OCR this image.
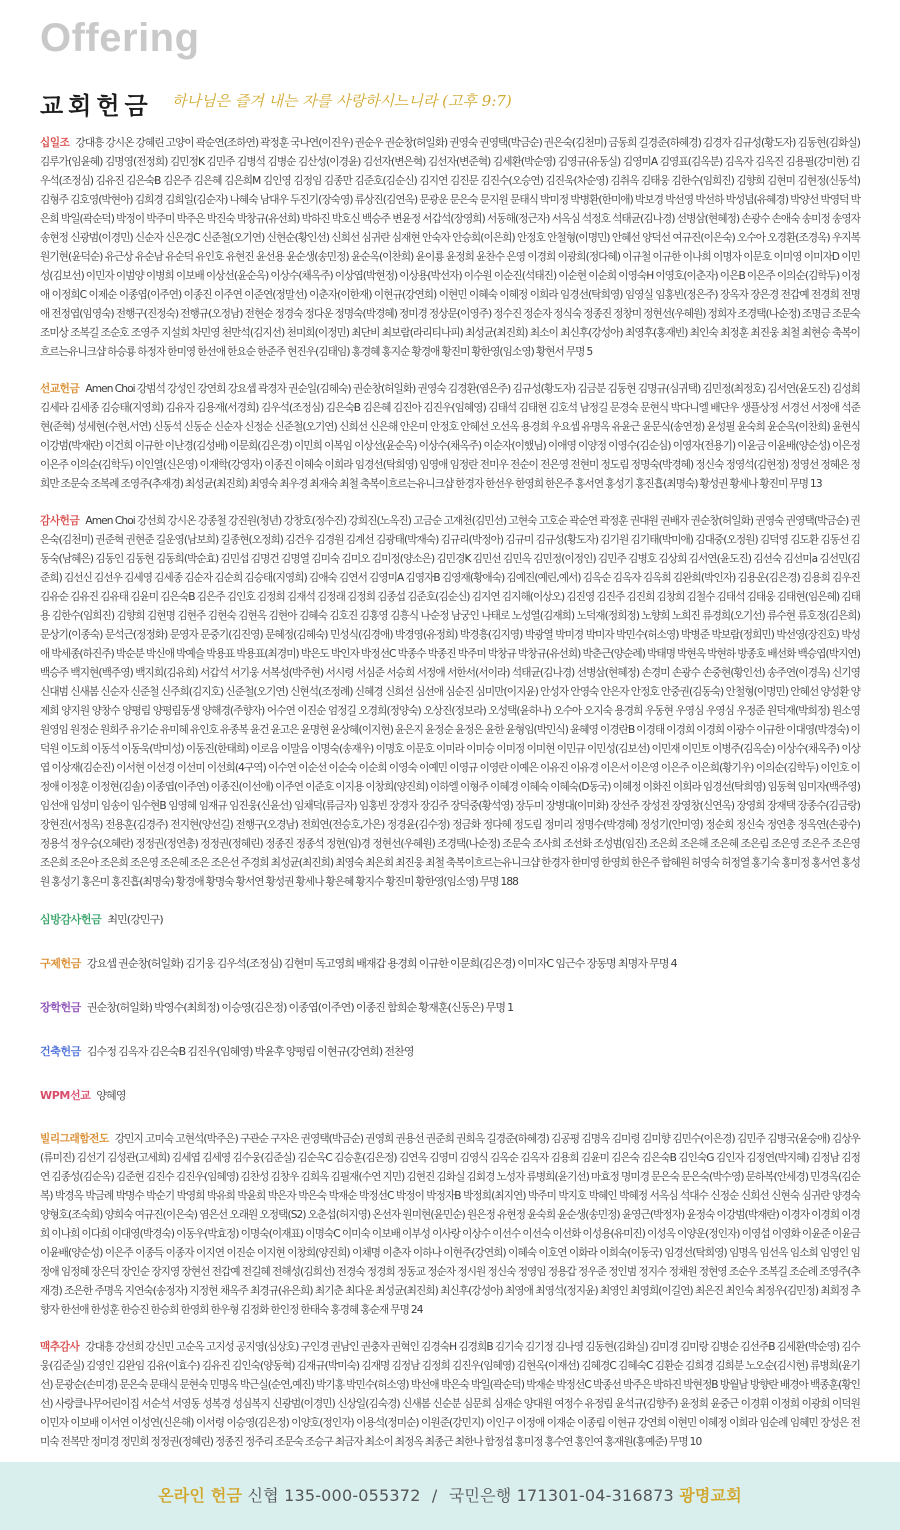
Offering
교회헌금 하나님은 즐겨 내는 자를 사랑하시느니라 (고후 9:7)
십일조 강대흥 강시온 강혜린 고양이 곽순연(조하연) 곽정훈 국나연(이진우) 권순우 권순창(허일화) 권영숙 권영택(박금순) 권은숙(김천미) 금동희 길경준(하혜경) 김경자 김규성(황도자) 김동현(김화실) 김루가(임윤혜) 김명영(전정희) 김민정K 김민주 김병석 김병순 김산성(이경윤) 김선자(변은혁) 김선자(변준혁) 김세환(박순영) 김영규(유동실) 김영미A 김영표(김옥분) 김옥자 김옥진 김용필(강미현) 김우석(조정심) 김유진 김은숙B 김은주 김은혜 김은희M 김인영 김정임 김종만 김준호(김순신) 김지연 김진문 김진수(오승연) 김진욱(차순영) 김취옥 김태웅 김한수(임희진) 김향희 김현미 김현정(신동석) 김형주 김호영(박현아) 김희경 김희일(김순자) 나혜숙 남대우 두진기(장숙영) 류상진(김연옥) 문광운 문은숙 문지원 문태식 박미정 박병환(한미애) 박보경 박선영 박선하 박성념(유혜경) 박양선 박영덕 박은희 박일(곽순덕) 박정이 박주미 박주은 박진숙 박창규(유선희) 박하진 박호신 백승주 변윤정 서갑석(장영희) 서동해(정근자) 서옥심 석정호 석태균(김나경) 선병삼(현혜정) 손광수 손애숙 송미정 송영자 송현정 신광범(이경민) 신순자 신은경C 신준철(오기연) 신현순(황인선) 신희선 심귀란 심재현 안숙자 안승희(이은희) 안정호 안철형(이명민) 안혜선 양덕선 여규진(이은숙) 오수아 오경환(조경옥) 우지복 원기현(윤덕순) 유근상 유순남 유순덕 유인호 유현진 윤선용 윤순생(송민정) 윤순옥(이찬희) 윤이룡 윤정희 윤찬수 은영 이경희 이광희(정다혜) 이규철 이규한 이나희 이명자 이문호 이미영 이미자D 이민성(김보선) 이민자 이범양 이병희 이보배 이상선(윤순옥) 이상수(채옥주) 이상엽(박현정) 이상용(박선자) 이수원 이순진(석태진) 이순현 이순희 이영숙H 이영호(이춘자) 이은B 이은주 이의순(김학두) 이정애 이정희C 이제순 이종엽(이주연) 이종진 이주연 이준연(정말선) 이춘자(이한재) 이현규(강연희) 이현민 이혜숙 이혜정 이희라 임경선(탁희영) 임영실 임홍빈(정은주) 장옥자 장은경 전갑예 전경희 전명애 전정엽(임영숙) 전행구(진정숙) 전행규(오정남) 전현순 정경숙 정다운 정명숙(박경혜) 정미경 정상문(이영주) 정수진 정순자 정식숙 정종진 정창미 정현선(우혜원) 정희자 조경택(나순정) 조명금 조문숙 조미상 조복길 조순호 조영주 지설희 차민영 천만석(김지선) 천미희(이정민) 최단비 최보람(라리티나피) 최성균(최진희) 최소이 최신후(강성아) 최영후(홍재빈) 최인숙 최정훈 최진웅 최철 최현승 축복이흐르는유니크샵 하승룡 하정자 한미영 한선애 한요순 한준주 현진우(김태임) 홍경혜 홍지순 황경애 황진미 황한영(임소영) 황현서 무명 5
선교헌금 Amen Choi 강범석 강성인 강연희 강요셉 곽경자 권순일(김혜숙) 권순창(허일화) 권영숙 김경환(염은주) 김규성(황도자) 김금분 김동현 김명규(심귀택) 김민정(최정호) 김서연(윤도진) 김성희 김세라 김세종 김승태(지영희) 김유자 김용재(서경희) 김우석(조정심) 김은숙B 김은혜 김진아 김진우(임혜영) 김태석 김태현 김호석 남정길 문경숙 문현식 박다니엘 배단우 생플상정 서경선 서정애 석준현(준혁) 성세현(수현,서연) 신동석 신동순 신순자 신정순 신준철(오기연) 신희선 신은해 안은미 안정호 안혜선 오선옥 용경희 우요셉 유명옥 유윤근 윤문식(송연정) 윤성필 윤숙희 윤순옥(이찬희) 윤현식 이강범(박재란) 이건희 이규한 이난경(김성배) 이문희(김은경) 이민희 이복임 이상선(윤순옥) 이상수(채옥주) 이순자(이했님) 이애영 이양정 이영수(김순심) 이영자(전용기) 이윤금 이윤배(양순성) 이은정 이은주 이의순(김학두) 이인열(신은영) 이재학(강영자) 이종진 이혜숙 이희라 임경선(탁희영) 임영애 임정란 전미우 전순이 전은영 전현미 정도림 정명숙(박경혜) 정신숙 정영석(김현정) 정영선 정혜은 정희만 조문숙 조복례 조영주(추재경) 최성균(최진희) 최영숙 최우경 최재숙 최철 축복이흐르는유니크샵 한경자 한선우 한영희 한은주 홍서연 홍성기 홍진흡(최명숙) 황성권 황세나 황진미 무명 13
감사헌금 Amen Choi 강선희 강시온 강종철 강진원(청년) 강창호(정수진) 강희진(노옥진) 고금순 고재천(김민선) 고현숙 고호순 곽순연 곽정훈 권대원 권배자 권순창(허일화) 권영숙 권영택(박금순) 권은숙(김천미) 권준혁 권현준 길운영(남보희) 길종현(오정희) 김건우 김경원 김계선 김광태(박재숙) 김규리(박정아) 김규미 김규성(황도자) 김기원 김기태(박미애) 김대중(오정원) 김덕영 김도환 김동선 김동숙(남혜은) 김동인 김동현 김동희(박순효) 김민섭 김명건 김명열 김미숙 김미오 김미정(양소은) 김민경K 김민선 김민옥 김민정(이정인) 김민주 김병호 김상희 김서연(윤도진) 김선숙 김선미a 김선민(김준희) 김선신 김선우 김세영 김세종 김순자 김순희 김승태(지영희) 김애숙 김연서 김영미A 김영자B 김영재(황애숙) 김예진(예린,예서) 김옥순 김옥자 김옥희 김완희(박인자) 김용운(김은경) 김용희 김우진 김유순 김유진 김유태 김윤미 김은숙B 김은주 김인호 김정희 김재석 김정래 김정희 김종섭 김준호(김순신) 김지연 김지해(이상오) 김진영 김진주 김진희 김창희 김철수 김태석 김태웅 김태현(임은혜) 김태용 김한수(임희진) 김향희 김현명 김현주 김현숙 김현옥 김현아 김혜숙 김호진 김홍영 김흥식 나순정 남궁인 나태로 노성열(김재희) 노덕재(정희정) 노향희 노희진 류경희(오기선) 류수현 류호정(김은희) 문상기(이종숙) 문석근(정정화) 문영자 문중기(김진영) 문혜정(김혜숙) 민성식(김경애) 박경영(유정희) 박경흥(김지영) 박광열 박미경 박미자 박민수(허소영) 박병준 박보람(정희민) 박선영(장진호) 박성애 박세종(하진주) 박순분 박신애 박예슬 박용표 박용표(최경미) 박은도 박인자 박정선C 박종수 박종진 박주미 박창규 박창규(유선희) 박춘근(양순례) 박태명 박현옥 박현하 방종호 배선화 백승엽(박지연) 백승주 백지현(백주영) 백지희(김유희) 서갑석 서기웅 서복성(박주현) 서시령 서심준 서승희 서정애 서한서(서이라) 석태균(김나경) 선병삼(현혜정) 손경미 손광수 손중현(황인선) 송주연(이경옥) 신기영 신대범 신새봄 신순자 신준철 신주희(김지호) 신준철(오기연) 신현석(조정례) 신혜경 신희선 심선애 심순진 심미만(이지윤) 안성자 안영숙 안은자 안정호 안중권(김동숙) 안철형(이명민) 안혜선 양성환 양제희 양지원 양창수 양평림 양평림동생 양해경(주향자) 어수연 이진순 엄정길 오경희(정양숙) 오상진(정보라) 오성택(윤하나) 오수아 오지숙 용경희 우동현 우영심 우영심 우정준 원덕재(박희정) 원소영 원영임 원정순 원희주 유기순 유미혜 유인호 유종복 윤건 윤고은 윤명현 윤상혜(이지현) 윤은지 윤정순 윤정은 윤한 윤형임(박민식) 윤혜영 이경란B 이경태 이경희 이경희 이광수 이규한 이대영(박경숙) 이덕원 이도희 이동석 이동욱(박미성) 이동진(한태희) 이로음 이말음 이명숙(송재우) 이명호 이문호 이미라 이미승 이미정 이미현 이민규 이민성(김보선) 이민재 이민토 이병주(김옥순) 이상수(채옥주) 이상엽 이상재(김순진) 이서현 이선경 이선미 이선희(4구역) 이수연 이순선 이순숙 이순희 이영숙 이예민 이영규 이영란 이예은 이유진 이유경 이은서 이은영 이은주 이은희(황기우) 이의순(김학두) 이인호 이정애 이정훈 이정현(김솔) 이종엽(이주연) 이종진(이선애) 이주연 이준호 이지용 이창희(양진희) 이하엘 이형주 이혜경 이혜숙 이혜숙(D동국) 이혜정 이화진 이희라 임경선(탁희영) 임동혁 임미자(백주영) 임선애 임성미 임송이 임수현B 임영혜 임재규 임진웅(신윤선) 임채덕(류금자) 임홍빈 장경자 장김주 장덕중(황석영) 장두미 장병대(이미화) 장선주 장성전 장영창(신연옥) 장영희 장재택 장종수(김금랑) 장현진(서정옥) 전용훈(김경주) 전지현(양선길) 전행구(오경남) 전희연(전승호,가은) 정경윤(김수정) 정금화 정다혜 정도림 정미리 정명수(박경혜) 정성기(안미영) 정순희 정신숙 정연총 정옥연(손광수) 정용석 정우승(오혜란) 정정권(정연총) 정정권(정혜린) 정종진 정종석 정현(임)경 정현선(우혜원) 조경택(나순정) 조문숙 조사희 조선화 조성범(임진) 조은희 조은해 조은혜 조은림 조은영 조은주 조은영 조은희 조은아 조은희 조은영 조은혜 조은 조은선 주경희 최성균(최진희) 최영숙 최은희 최진웅 최철 축복이흐르는유니크샵 한경자 한미영 한영희 한은주 함혜원 허영숙 허정열 홍기숙 홍미정 홍서연 홍성원 홍성기 홍은미 홍진흡(최명숙) 황경애 황명숙 황서연 황성권 황세나 황은혜 황지수 황진미 황한영(임소영) 무명 188
심방감사헌금 최민(강민구)
구제헌금 강요셉 권순창(허일화) 김기웅 김우석(조정심) 김현미 독고영희 배재갑 용경희 이규한 이문희(김은경) 이미자C 임근수 장동명 최명자 무명 4
장학헌금 권순창(허일화) 박영수(최희정) 이승영(김은정) 이종엽(이주연) 이종진 함희순 황재훈(신동은) 무명 1
건축헌금 김수정 김옥자 김은숙B 김진우(임혜영) 박윤후 양평림 이현규(강연희) 전찬영
WPM선교 양혜영
빌리그래함전도 강민지 고미숙 고현석(박주은) 구관순 구자은 권영택(박금순) 권영희 권용선 권준희 권희옥 길경준(하혜경) 김공평 김명옥 김미령 김미향 김민수(이은경) 김민주 김병국(윤승애) 김상우(류미진) 김선기 김성관(고세희) 김세엽 김세영 김수웅(김준실) 김순옥C 김승훈(김은정) 김연옥 김영미 김영식 김옥순 김옥자 김용희 김윤미 김은숙 김은숙B 김인숙G 김인자 김정연(박지혜) 김정남 김정연 김종성(김순옥) 김준현 김진수 김진우(임혜영) 김찬성 김창우 김희옥 김필재(수연 지민) 김현진 김화실 김회경 노성자 류병희(윤기선) 마효정 명미경 문은숙 문은숙(박수영) 문하복(안세경) 민경옥(김순복) 박경옥 박금례 박명수 박순기 박영희 박유희 박윤희 박은자 박은숙 박재순 박정선C 박정이 박정자B 박정희(최지연) 박주미 박지호 박혜인 박혜정 서옥심 석대수 신정순 신희선 신현숙 심귀란 양경숙 양형호(조숙희) 양희숙 여규진(이은숙) 염은선 오래원 오정택(S2) 오춘섭(허지영) 온선자 원미현(윤민순) 원은정 유현정 윤숙희 윤순생(송민정) 윤영근(박정자) 윤정숙 이강범(박재란) 이경자 이경희 이경희 이나희 이다희 이대영(박경숙) 이동우(박효정) 이명숙(이재표) 이명숙C 이미숙 이보배 이부성 이사랑 이상수 이선수 이선숙 이선화 이성용(유미진) 이성옥 이양운(정인자) 이영섭 이영화 이윤준 이윤금 이윤배(양순성) 이은주 이종득 이종자 이지연 이진순 이지현 이창희(양진희) 이채명 이춘자 이하나 이현주(강연희) 이혜숙 이호연 이화라 이희숙(이동국) 임경선(탁희영) 임명옥 임선옥 임소희 임영인 임정애 임정혜 장은덕 장인순 장지영 장현선 전갑예 전길혜 전해성(김희선) 전경숙 정경희 정동교 정순자 정시원 정신숙 정영임 정용갑 정우준 정인범 정지수 정채원 정현영 조순우 조복길 조순례 조영주(추재경) 조은한 주명옥 지연숙(송정자) 지정현 채옥주 최경규(유은희) 최기춘 최다운 최성균(최진희) 최신후(강성아) 최영애 최영석(정지윤) 최영인 최영희(이길연) 최은진 최인숙 최정우(김민정) 최희정 추향자 한선애 한성훈 한승진 한승희 한영희 한우형 김정화 한인정 한태숙 홍경혜 홍순재 무명 24
맥추감사 강대흥 강선희 강신민 고순옥 고지성 공지영(심상호) 구인경 권남인 권충자 권혁인 김경숙H 김경희B 김기숙 김기정 김나영 김동현(김화실) 김미경 김미랑 김병순 김선주B 김세환(박순영) 김수웅(김준실) 김영인 김완임 김유(이효수) 김유진 김인숙(양동혁) 김재규(박미숙) 김재명 김정남 김정희 김진우(임혜영) 김현옥(이재선) 김혜경C 김혜숙C 김환순 김희경 김희분 노오순(김시현) 류병희(윤기선) 문광순(손미경) 문은숙 문태식 문현숙 민명옥 박근실(순연,예진) 박기홍 박민수(허소영) 박선애 박은숙 박일(곽순덕) 박재순 박정선C 박종선 박주은 박하진 박현정B 방월남 방향란 배경아 백종훈(황인선) 사랑클나무어린이집 서순석 서영동 성복경 성심복지 신광범(이경민) 신상일(김숙경) 신새봄 신순분 심문희 심재순 양대원 여정수 유정림 윤석규(김향주) 윤정희 윤중근 이경휘 이정희 이광희 이덕원 이민자 이보배 이서연 이성연(신은해) 이서령 이승영(김은정) 이양호(정인자) 이용석(정미순) 이원준(강민지) 이인구 이정애 이재순 이종림 이현규 강연희 이현민 이혜정 이희라 임순례 임혜민 장성은 전미숙 전복만 정미경 정민희 정정권(정혜린) 정종진 정주리 조문숙 조승구 최금자 최소이 최정옥 최종근 최한나 함정섭 홍미정 홍수연 홍인여 홍재원(홍예준) 무명 10
온라인 헌금 신협 135-000-055372 / 국민은행 171301-04-316873 광명교회
